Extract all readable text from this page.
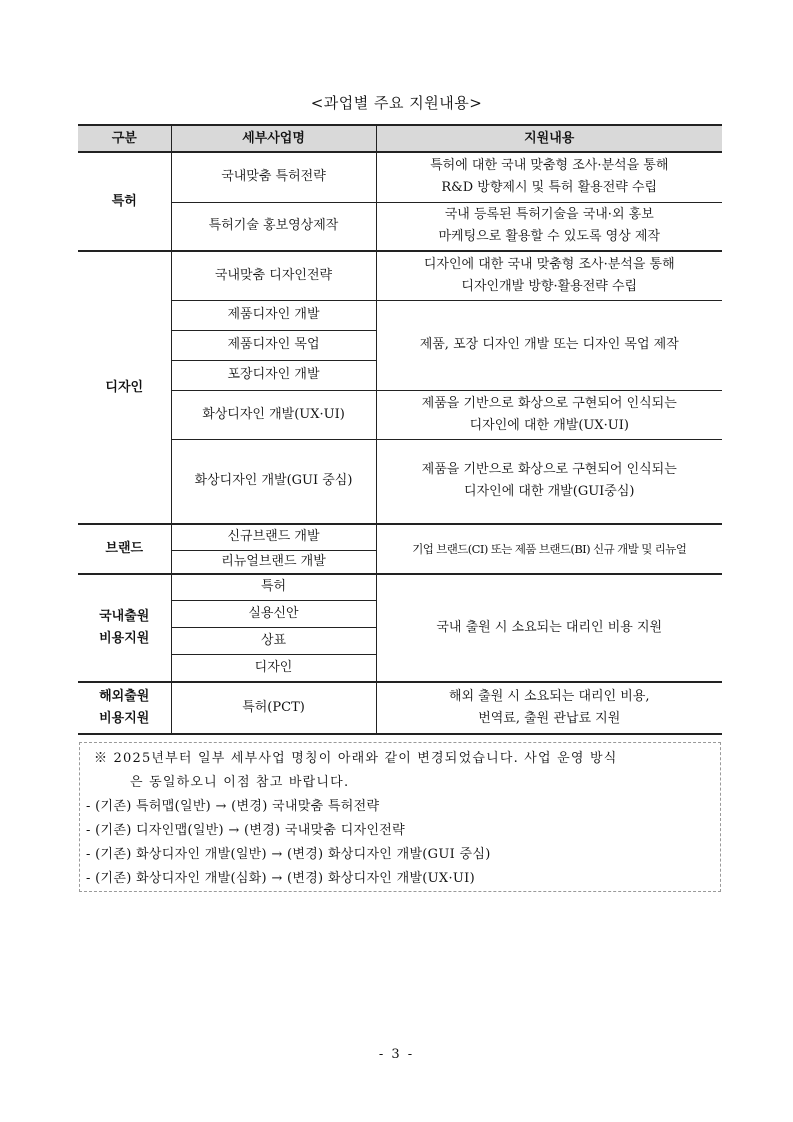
<과업별 주요 지원내용>
구분	세부사업명	지원내용
특허	국내맞춤 특허전략	특허에 대한 국내 맞춤형 조사·분석을 통해
R&D 방향제시 및 특허 활용전략 수립

	특허기술 홍보영상제작	국내 등록된 특허기술을 국내·외 홍보
마케팅으로 활용할 수 있도록 영상 제작

디자인	국내맞춤 디자인전략	디자인에 대한 국내 맞춤형 조사·분석을 통해
디자인개발 방향·활용전략 수립

	제품디자인 개발	제품, 포장 디자인 개발 또는 디자인 목업 제작
	제품디자인 목업	
	포장디자인 개발	
	화상디자인 개발(UX·UI)	제품을 기반으로 화상으로 구현되어 인식되는
디자인에 대한 개발(UX·UI)

	화상디자인 개발(GUI 중심)	제품을 기반으로 화상으로 구현되어 인식되는
디자인에 대한 개발(GUI중심)

브랜드	신규브랜드 개발	기업 브랜드(CI) 또는 제품 브랜드(BI) 신규 개발 및 리뉴얼
	리뉴얼브랜드 개발	

국내출원
비용지원	특허	국내 출원 시 소요되는 대리인 비용 지원
	실용신안	
	상표	
	디자인	

해외출원
비용지원	특허(PCT)	해외 출원 시 소요되는 대리인 비용,
번역료, 출원 관납료 지원
※ 2025년부터 일부 세부사업 명칭이 아래와 같이 변경되었습니다. 사업 운영 방식
은 동일하오니 이점 참고 바랍니다.
- (기존) 특허맵(일반) → (변경) 국내맞춤 특허전략
- (기존) 디자인맵(일반) → (변경) 국내맞춤 디자인전략
- (기존) 화상디자인 개발(일반) → (변경) 화상디자인 개발(GUI 중심)
- (기존) 화상디자인 개발(심화) → (변경) 화상디자인 개발(UX·UI)
- 3 -
